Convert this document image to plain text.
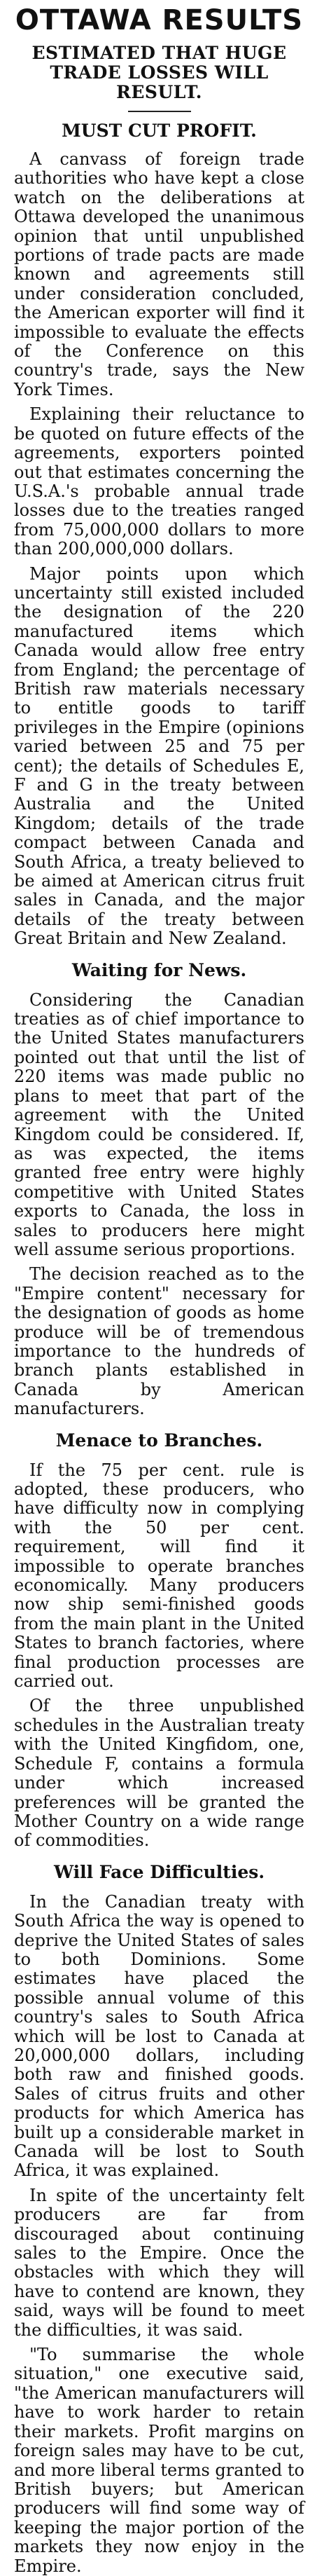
OTTAWA RESULTS
ESTIMATED THAT HUGE
TRADE LOSSES WILL
RESULT.
MUST CUT PROFIT.

A canvass of foreign trade authorities who have kept a close watch on the deliberations at Ottawa developed the unanimous opinion that until unpublished portions of trade pacts are made known and agreements still under consideration concluded, the American exporter will find it impossible to evaluate the effects of the Conference on this country's trade, says the New York Times.

Explaining their reluctance to be quoted on future effects of the agreements, exporters pointed out that estimates concerning the U.S.A.'s probable annual trade losses due to the treaties ranged from 75,000,000 dollars to more than 200,000,000 dollars.

Major points upon which uncertainty still existed included the designation of the 220 manufactured items which Canada would allow free entry from England; the percentage of British raw materials necessary to entitle goods to tariff privileges in the Empire (opinions varied between 25 and 75 per cent); the details of Schedules E, F and G in the treaty between Australia and the United Kingdom; details of the trade compact between Canada and South Africa, a treaty believed to be aimed at American citrus fruit sales in Canada, and the major details of the treaty between Great Britain and New Zealand.

Waiting for News.

Considering the Canadian treaties as of chief importance to the United States manufacturers pointed out that until the list of 220 items was made public no plans to meet that part of the agreement with the United Kingdom could be considered. If, as was expected, the items granted free entry were highly competitive with United States exports to Canada, the loss in sales to producers here might well assume serious proportions.

The decision reached as to the "Empire content" necessary for the designation of goods as home produce will be of tremendous importance to the hundreds of branch plants established in Canada by American manufacturers.

Menace to Branches.

If the 75 per cent. rule is adopted, these producers, who have difficulty now in complying with the 50 per cent. requirement, will find it impossible to operate branches economically. Many producers now ship semi-finished goods from the main plant in the United States to branch factories, where final production processes are carried out.

Of the three unpublished schedules in the Australian treaty with the United Kingfidom, one, Schedule F, contains a formula under which increased preferences will be granted the Mother Country on a wide range of commodities.

Will Face Difficulties.

In the Canadian treaty with South Africa the way is opened to deprive the United States of sales to both Dominions. Some estimates have placed the possible annual volume of this country's sales to South Africa which will be lost to Canada at 20,000,000 dollars, including both raw and finished goods. Sales of citrus fruits and other products for which America has built up a considerable market in Canada will be lost to South Africa, it was explained.

In spite of the uncertainty felt producers are far from discouraged about continuing sales to the Empire. Once the obstacles with which they will have to contend are known, they said, ways will be found to meet the difficulties, it was said.

"To summarise the whole situation," one executive said, "the American manufacturers will have to work harder to retain their markets. Profit margins on foreign sales may have to be cut, and more liberal terms granted to British buyers; but American producers will find some way of keeping the major portion of the markets they now enjoy in the Empire.
